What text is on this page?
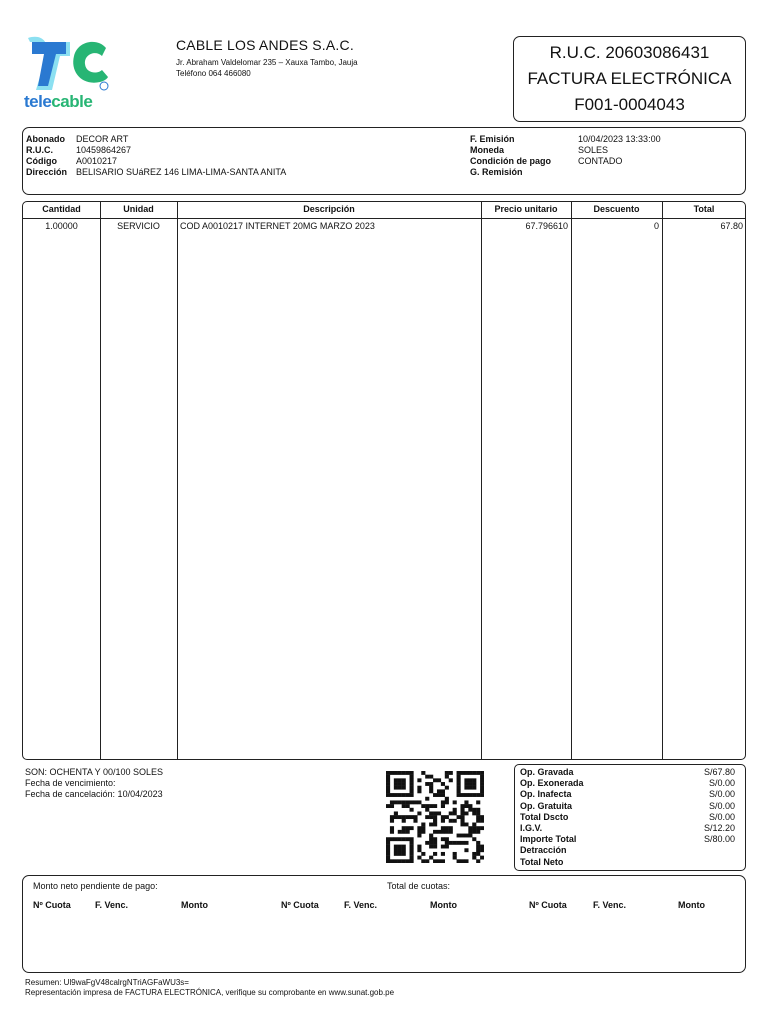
telecable
CABLE LOS ANDES S.A.C.
Jr. Abraham Valdelomar 235 – Xauxa Tambo, Jauja
Teléfono 064 466080
R.U.C. 20603086431
FACTURA ELECTRÓNICA
F001-0004043
Abonado	DECOR ART
R.U.C.	10459864267
Código	A0010217
Dirección BELISARIO SUáREZ 146 LIMA-LIMA-SANTA ANITA
F. Emisión	10/04/2023 13:33:00
Moneda	SOLES
Condición de pago	CONTADO
G. Remisión
Cantidad	Unidad	Descripción	Precio unitario	Descuento	Total
1.00000	SERVICIO	COD A0010217 INTERNET 20MG MARZO 2023	67.796610	0	67.80
SON: OCHENTA Y 00/100 SOLES
Fecha de vencimiento:
Fecha de cancelación: 10/04/2023
Op. Gravada	S/67.80
Op. Exonerada	S/0.00
Op. Inafecta	S/0.00
Op. Gratuita	S/0.00
Total Dscto	S/0.00
I.G.V.	S/12.20
Importe Total	S/80.00
Detracción
Total Neto
Monto neto pendiente de pago:	Total de cuotas:
Nº Cuota	F. Venc.	Monto	Nº Cuota	F. Venc.	Monto	Nº Cuota	F. Venc.	Monto
Resumen: Ul9waFgV48calrgNTriAGFaWU3s=
Representación impresa de FACTURA ELECTRÓNICA, verifique su comprobante en www.sunat.gob.pe
